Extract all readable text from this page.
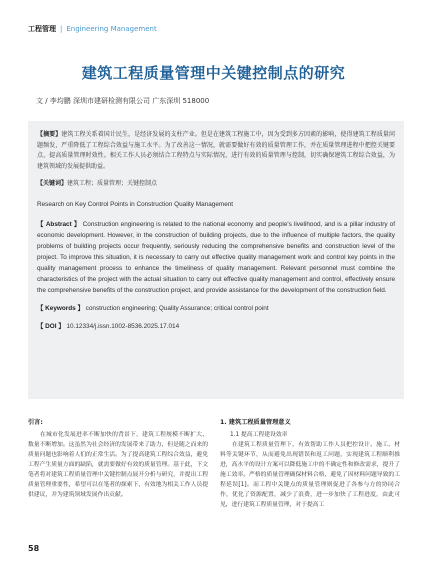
工程管理 | Engineering Management
建筑工程质量管理中关键控制点的研究
文 / 李均鹏 深圳市建研检测有限公司 广东深圳 518000

【摘要】建筑工程关系着国计民生，是经济发展的支柱产业。但是在建筑工程施工中，因为受到多方因素的影响，使得建筑工程质量问题频发，严重降低了工程综合效益与施工水平。为了改善这一情况，就需要做好有效的质量管理工作，并在质量管理进程中把控关键要点，提高质量管理时效性。相关工作人员必须结合工程特点与实际情况，进行有效的质量管理与控制，切实确保建筑工程综合效益，为建筑领域的发展提供助益。

【关键词】建筑工程；质量管理；关键控制点

Research on Key Control Points in Construction Quality Management

【 Abstract 】 Construction engineering is related to the national economy and people's livelihood, and is a pillar industry of economic development. However, in the construction of building projects, due to the influence of multiple factors, the quality problems of building projects occur frequently, seriously reducing the comprehensive benefits and construction level of the project. To improve this situation, it is necessary to carry out effective quality management work and control key points in the quality management process to enhance the timeliness of quality management. Relevant personnel must combine the characteristics of the project with the actual situation to carry out effective quality management and control, effectively ensure the comprehensive benefits of the construction project, and provide assistance for the development of the construction field.

【 Keywords 】 construction engineering; Quality Assurance; critical control point

【 DOI 】 10.12334/j.issn.1002-8536.2025.17.014

引言:

在城市化发展进率不断加快的背景下，建筑工程规模不断扩大、数量不断增加。这虽然为社会经济的发展带来了助力，但是随之而来的质量问题也影响着人们的正常生活。为了提高建筑工程综合效益，避免工程产生质量方面的缺陷，就需要做好有效的质量管理。基于此，下文笔者将对建筑工程质量管理中关键控制点展开分析与研究，并提出工程质量管理重要性，希望可以在笔者的探索下，有效地为相关工作人员提供建议，并为建筑领域发展作出贡献。

1. 建筑工程质量管理意义
1.1 提高工程建设效率

在建筑工程质量管理下，有效帮助工作人员把控设计、施工、材料等关键环节，从而避免出现错误和返工问题，实现建筑工程顺利推进，高水平的设计方案可以降低施工中的不确定性和修改需求，提升了施工效率。严格的质量管理确保材料合格，避免了因材料问题导致的工程延误[1]。而工程中关键点的质量管理则促进了各参与方的协同合作，优化了资源配置，减少了浪费，进一步加快了工程进度，由此可见，进行建筑工程质量管理，对于提高工

58
